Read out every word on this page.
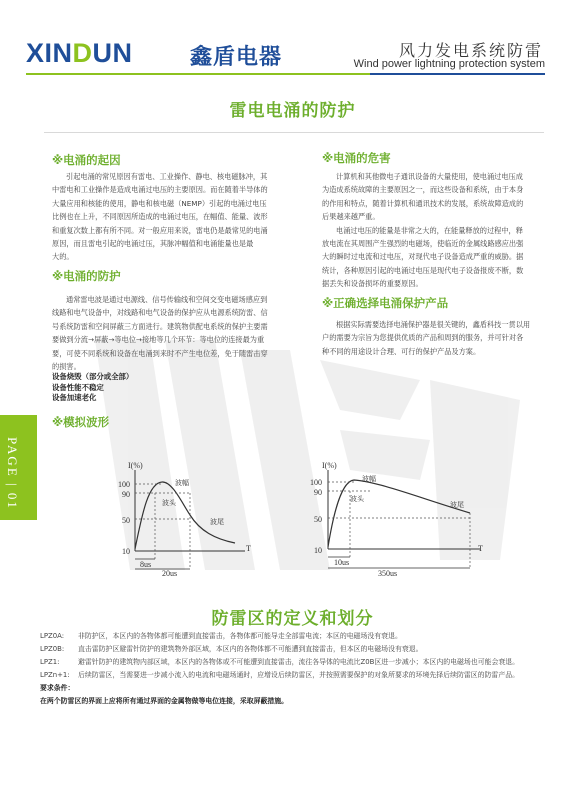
XINDUN	鑫盾电器	风力发电系统防雷
Wind power lightning protection system
雷电电涌的防护
※电涌的起因
引起电涌的常见原因有雷电、工业操作、静电、核电磁脉冲，其
中雷电和工业操作是造成电涌过电压的主要原因。而在随着半导体的
大量应用和核能的使用，静电和核电磁（NEMP）引起的电涌过电压
比例也在上升，不同原因所造成的电涌过电压，在幅值、能量、波形
和重复次数上都有所不同。对一般应用来说，雷电仍是最常见的电涌
原因，而且雷电引起的电涌过压，其脉冲幅值和电涌能量也是最
大的。
※电涌的防护
通常雷电波是通过电源线、信号传输线和空间交变电磁场感应到
线路和电气设备中，对线路和电气设备的保护应从电源系统防雷、信
号系统防雷和空间屏蔽三方面进行。建筑物供配电系统的保护主要需
要做到分流→屏蔽→等电位→接地等几个环节：等电位的连接最为重
要，可使不同系统和设备在电涌到来时不产生电位差，免于随雷击穿
的损害。
设备烧毁（部分或全部）
设备性能不稳定
设备加速老化
※模拟波形
※电涌的危害
计算机和其他微电子通讯设备的大量使用，使电涌过电压成
为造成系统故障的主要原因之一，而这些设备和系统，由于本身
的作用和特点，随着计算机和通讯技术的发展，系统故障造成的
后果越来越严重。
电涌过电压的能量是非常之大的，在能量释放的过程中，释
放电流在其周围产生强烈的电磁场，使临近的金属线路感应出强
大的瞬时过电流和过电压，对现代电子设备造成严重的威胁。据
统计，各种原因引起的电涌过电压是现代电子设备报废不断，数
据丢失和设备损坏的重要原因。
※正确选择电涌保护产品
根据实际需要选择电涌保护器是很关键的，鑫盾科技一贯以用
户的需要为宗旨为您提供优质的产品和周到的服务，并可针对各
种不同的用途设计合理、可行的保护产品及方案。
PAGE | 01
I(%)
100
90
50
10	T
8us
20us
波幅
波头
波尾
I(%)
100
90
50
10	T
10us
350us
波幅
波头
波尾
防雷区的定义和划分
LPZ0A:	非防护区，本区内的各物体都可能遭到直接雷击，各物体都可能导走全部雷电流；本区的电磁场没有衰退。
LPZ0B:	直击雷防护区避雷针防护的建筑物外部区域，本区内的各物体都不可能遭到直接雷击，但本区的电磁场没有衰退。
LPZ1:	避雷针防护的建筑物内部区域，本区内的各物体或不可能遭到直接雷击，流往各导体的电流比Z0B区进一步减小；本区内的电磁场也可能会衰退。
LPZn+1:	后续防雷区，当需要进一步减小流入的电流和电磁场通时，应增设后续防雷区，并按照需要保护的对象所要求的环境先择后续防雷区的防雷产品。
要求条件：
在两个防雷区的界面上应将所有通过界面的金属物做等电位连接，采取屏蔽措施。
